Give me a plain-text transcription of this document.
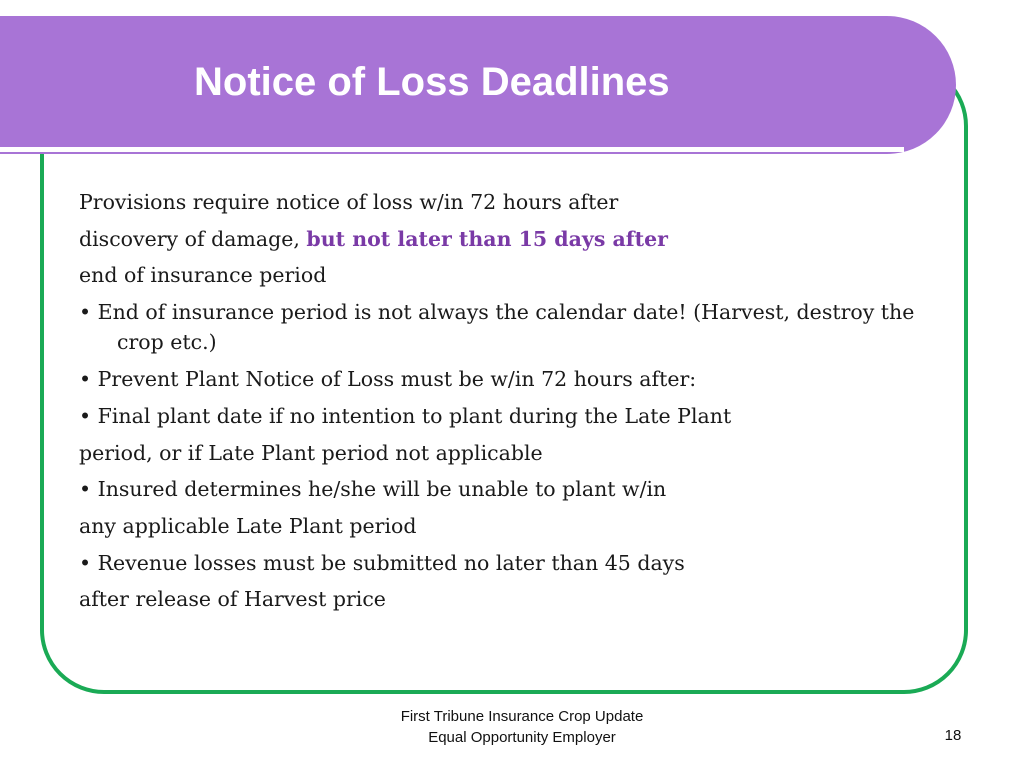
Notice of Loss Deadlines
Provisions require notice of loss w/in 72 hours after
discovery of damage, but not later than 15 days after
end of insurance period
• End of insurance period is not always the calendar date! (Harvest, destroy the crop etc.)
• Prevent Plant Notice of Loss must be w/in 72 hours after:
• Final plant date if no intention to plant during the Late Plant
period, or if Late Plant period not applicable
• Insured determines he/she will be unable to plant w/in
any applicable Late Plant period
• Revenue losses must be submitted no later than 45 days
after release of Harvest price
First Tribune Insurance Crop Update
Equal Opportunity Employer	18
